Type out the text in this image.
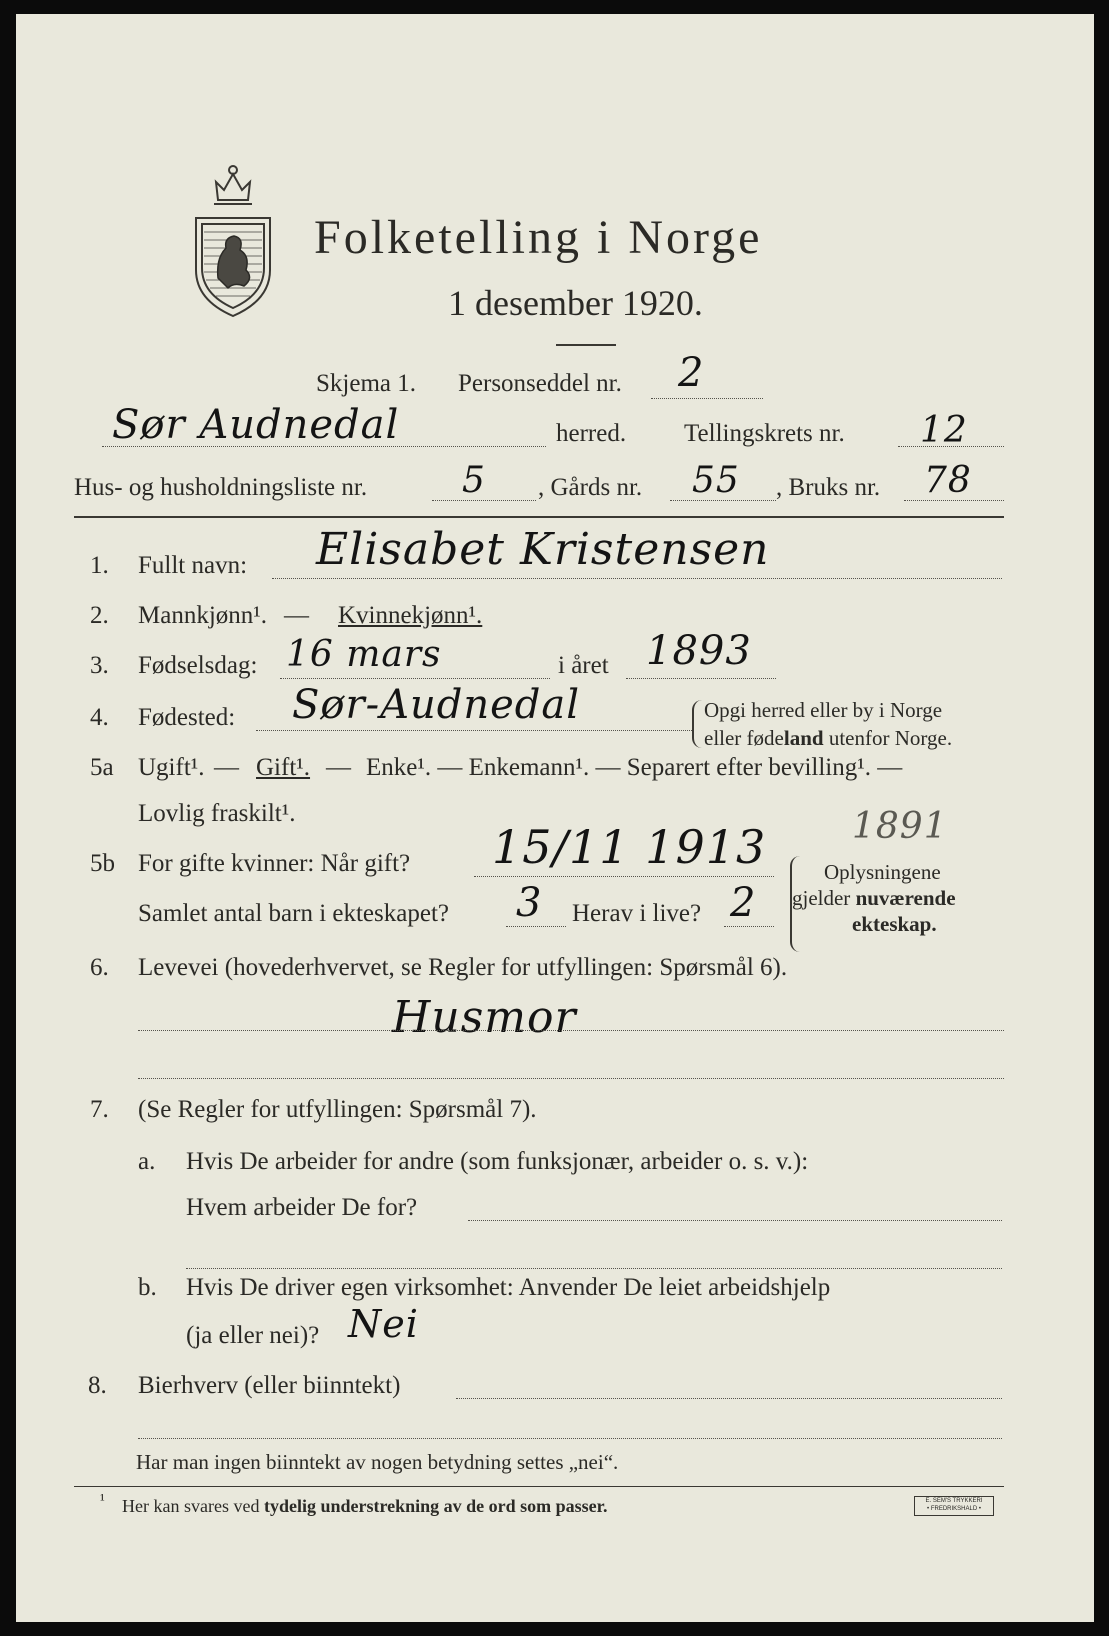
Folketelling i Norge
1 desember 1920.
Skjema 1. Personseddel nr. 2
Sør Audnedal	herred. Tellingskrets nr. 12
Hus- og husholdningsliste nr.	5 , Gårds nr. 55 , Bruks nr. 78
1. Fullt navn: Elisabet Kristensen
2. Mannkjønn¹. — Kvinnekjønn¹.
3. Fødselsdag: 16 mars	i året 1893
4. Fødested: Sør-Audnedal	Opgi herred eller by i Norge
eller fødeland utenfor Norge.
5a Ugift¹. — Gift¹. — Enke¹. — Enkemann¹. — Separert efter bevilling¹. —
Lovlig fraskilt¹.	1891
5b For gifte kvinner: Når gift? 15/11 1913
Samlet antal barn i ekteskapet? 3 Herav i live? 2
Oplysningene
gjelder nuværende
ekteskap.
6. Levevei (hovederhvervet, se Regler for utfyllingen: Spørsmål 6).
Husmor
7. (Se Regler for utfyllingen: Spørsmål 7).
a. Hvis De arbeider for andre (som funksjonær, arbeider o. s. v.):
Hvem arbeider De for?
b. Hvis De driver egen virksomhet: Anvender De leiet arbeidshjelp
(ja eller nei)? Nei
8. Bierhverv (eller biinntekt)
Har man ingen biinntekt av nogen betydning settes „nei“.
¹ Her kan svares ved tydelig understrekning av de ord som passer.	E. SEM'S TRYKKERI
• FREDRIKSHALD •
